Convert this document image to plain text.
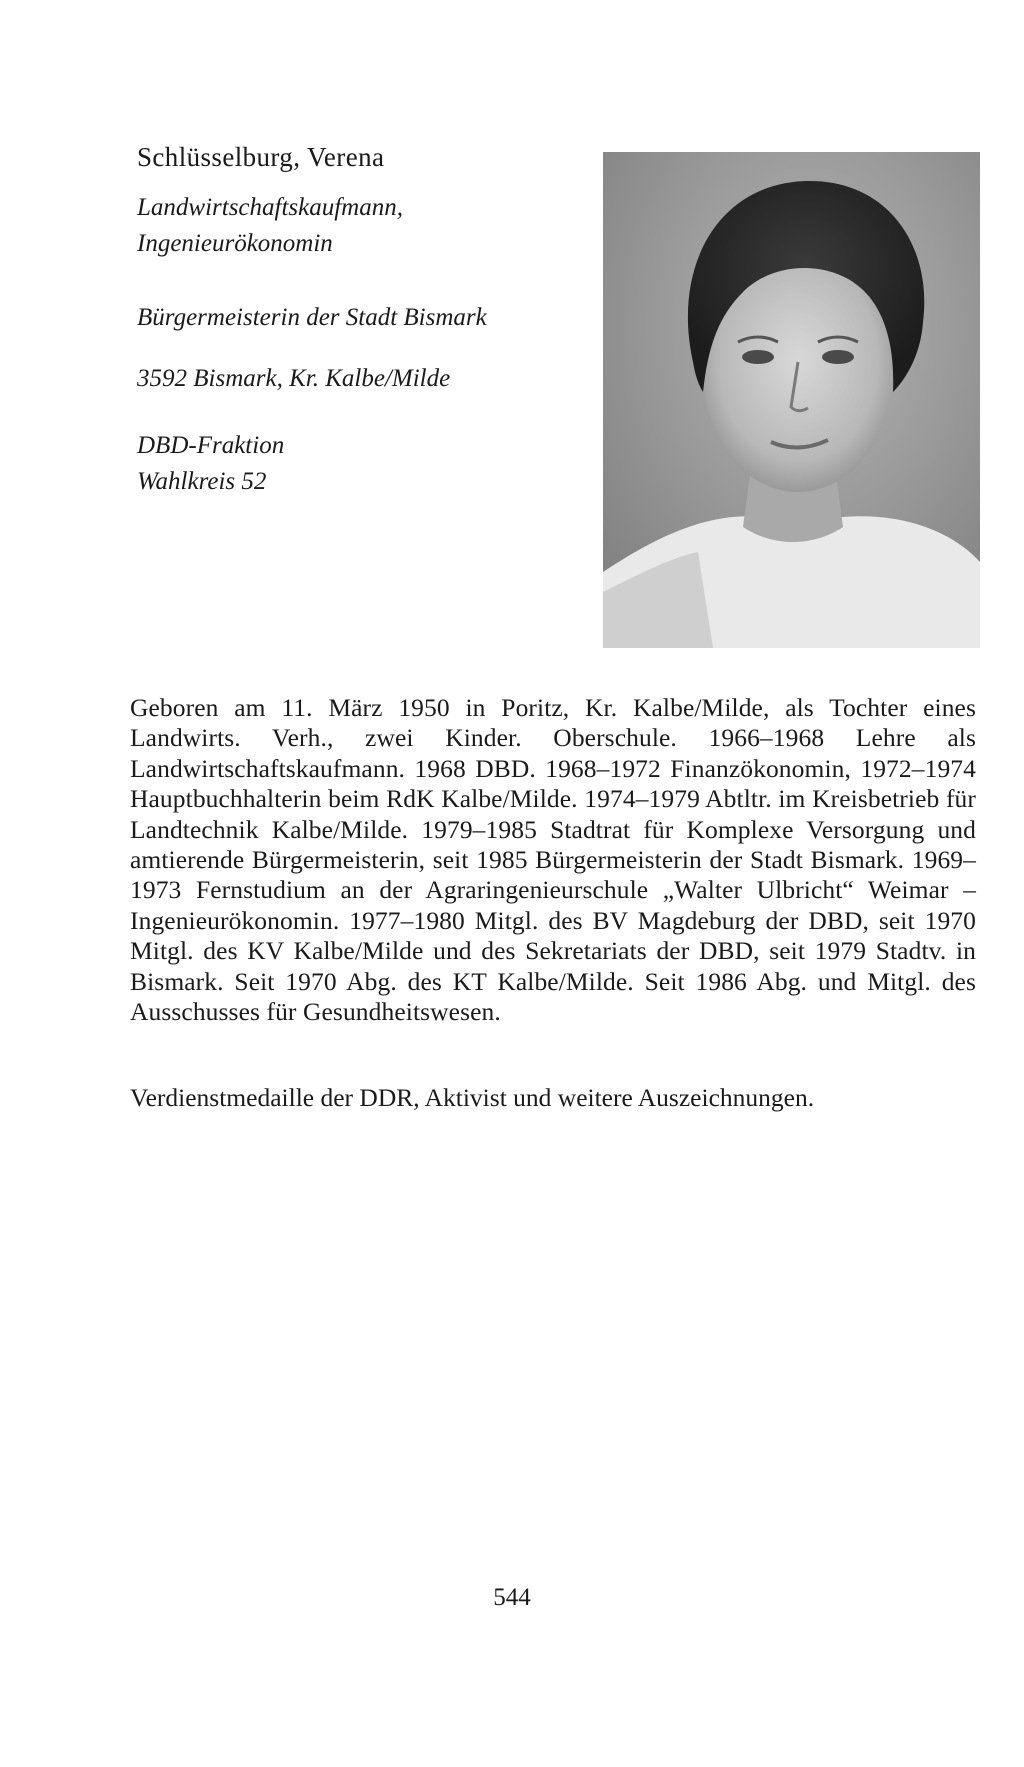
Schlüsselburg, Verena

Landwirtschaftskaufmann,
Ingenieurökonomin

Bürgermeisterin der Stadt Bismark

3592 Bismark, Kr. Kalbe/Milde

DBD-Fraktion
Wahlkreis 52

Geboren am 11. März 1950 in Poritz, Kr. Kalbe/Milde, als Tochter eines Landwirts. Verh., zwei Kinder. Oberschule. 1966–1968 Lehre als Landwirtschaftskaufmann. 1968 DBD. 1968–1972 Finanzökonomin, 1972–1974 Hauptbuchhalterin beim RdK Kalbe/Milde. 1974–1979 Abtltr. im Kreisbetrieb für Landtechnik Kalbe/Milde. 1979–1985 Stadtrat für Komplexe Versorgung und amtierende Bürgermeisterin, seit 1985 Bürgermeisterin der Stadt Bismark. 1969–1973 Fernstudium an der Agraringenieurschule „Walter Ulbricht“ Weimar – Ingenieurökonomin. 1977–1980 Mitgl. des BV Magdeburg der DBD, seit 1970 Mitgl. des KV Kalbe/Milde und des Sekretariats der DBD, seit 1979 Stadtv. in Bismark. Seit 1970 Abg. des KT Kalbe/Milde. Seit 1986 Abg. und Mitgl. des Ausschusses für Gesundheitswesen.

Verdienstmedaille der DDR, Aktivist und weitere Auszeichnungen.

544
